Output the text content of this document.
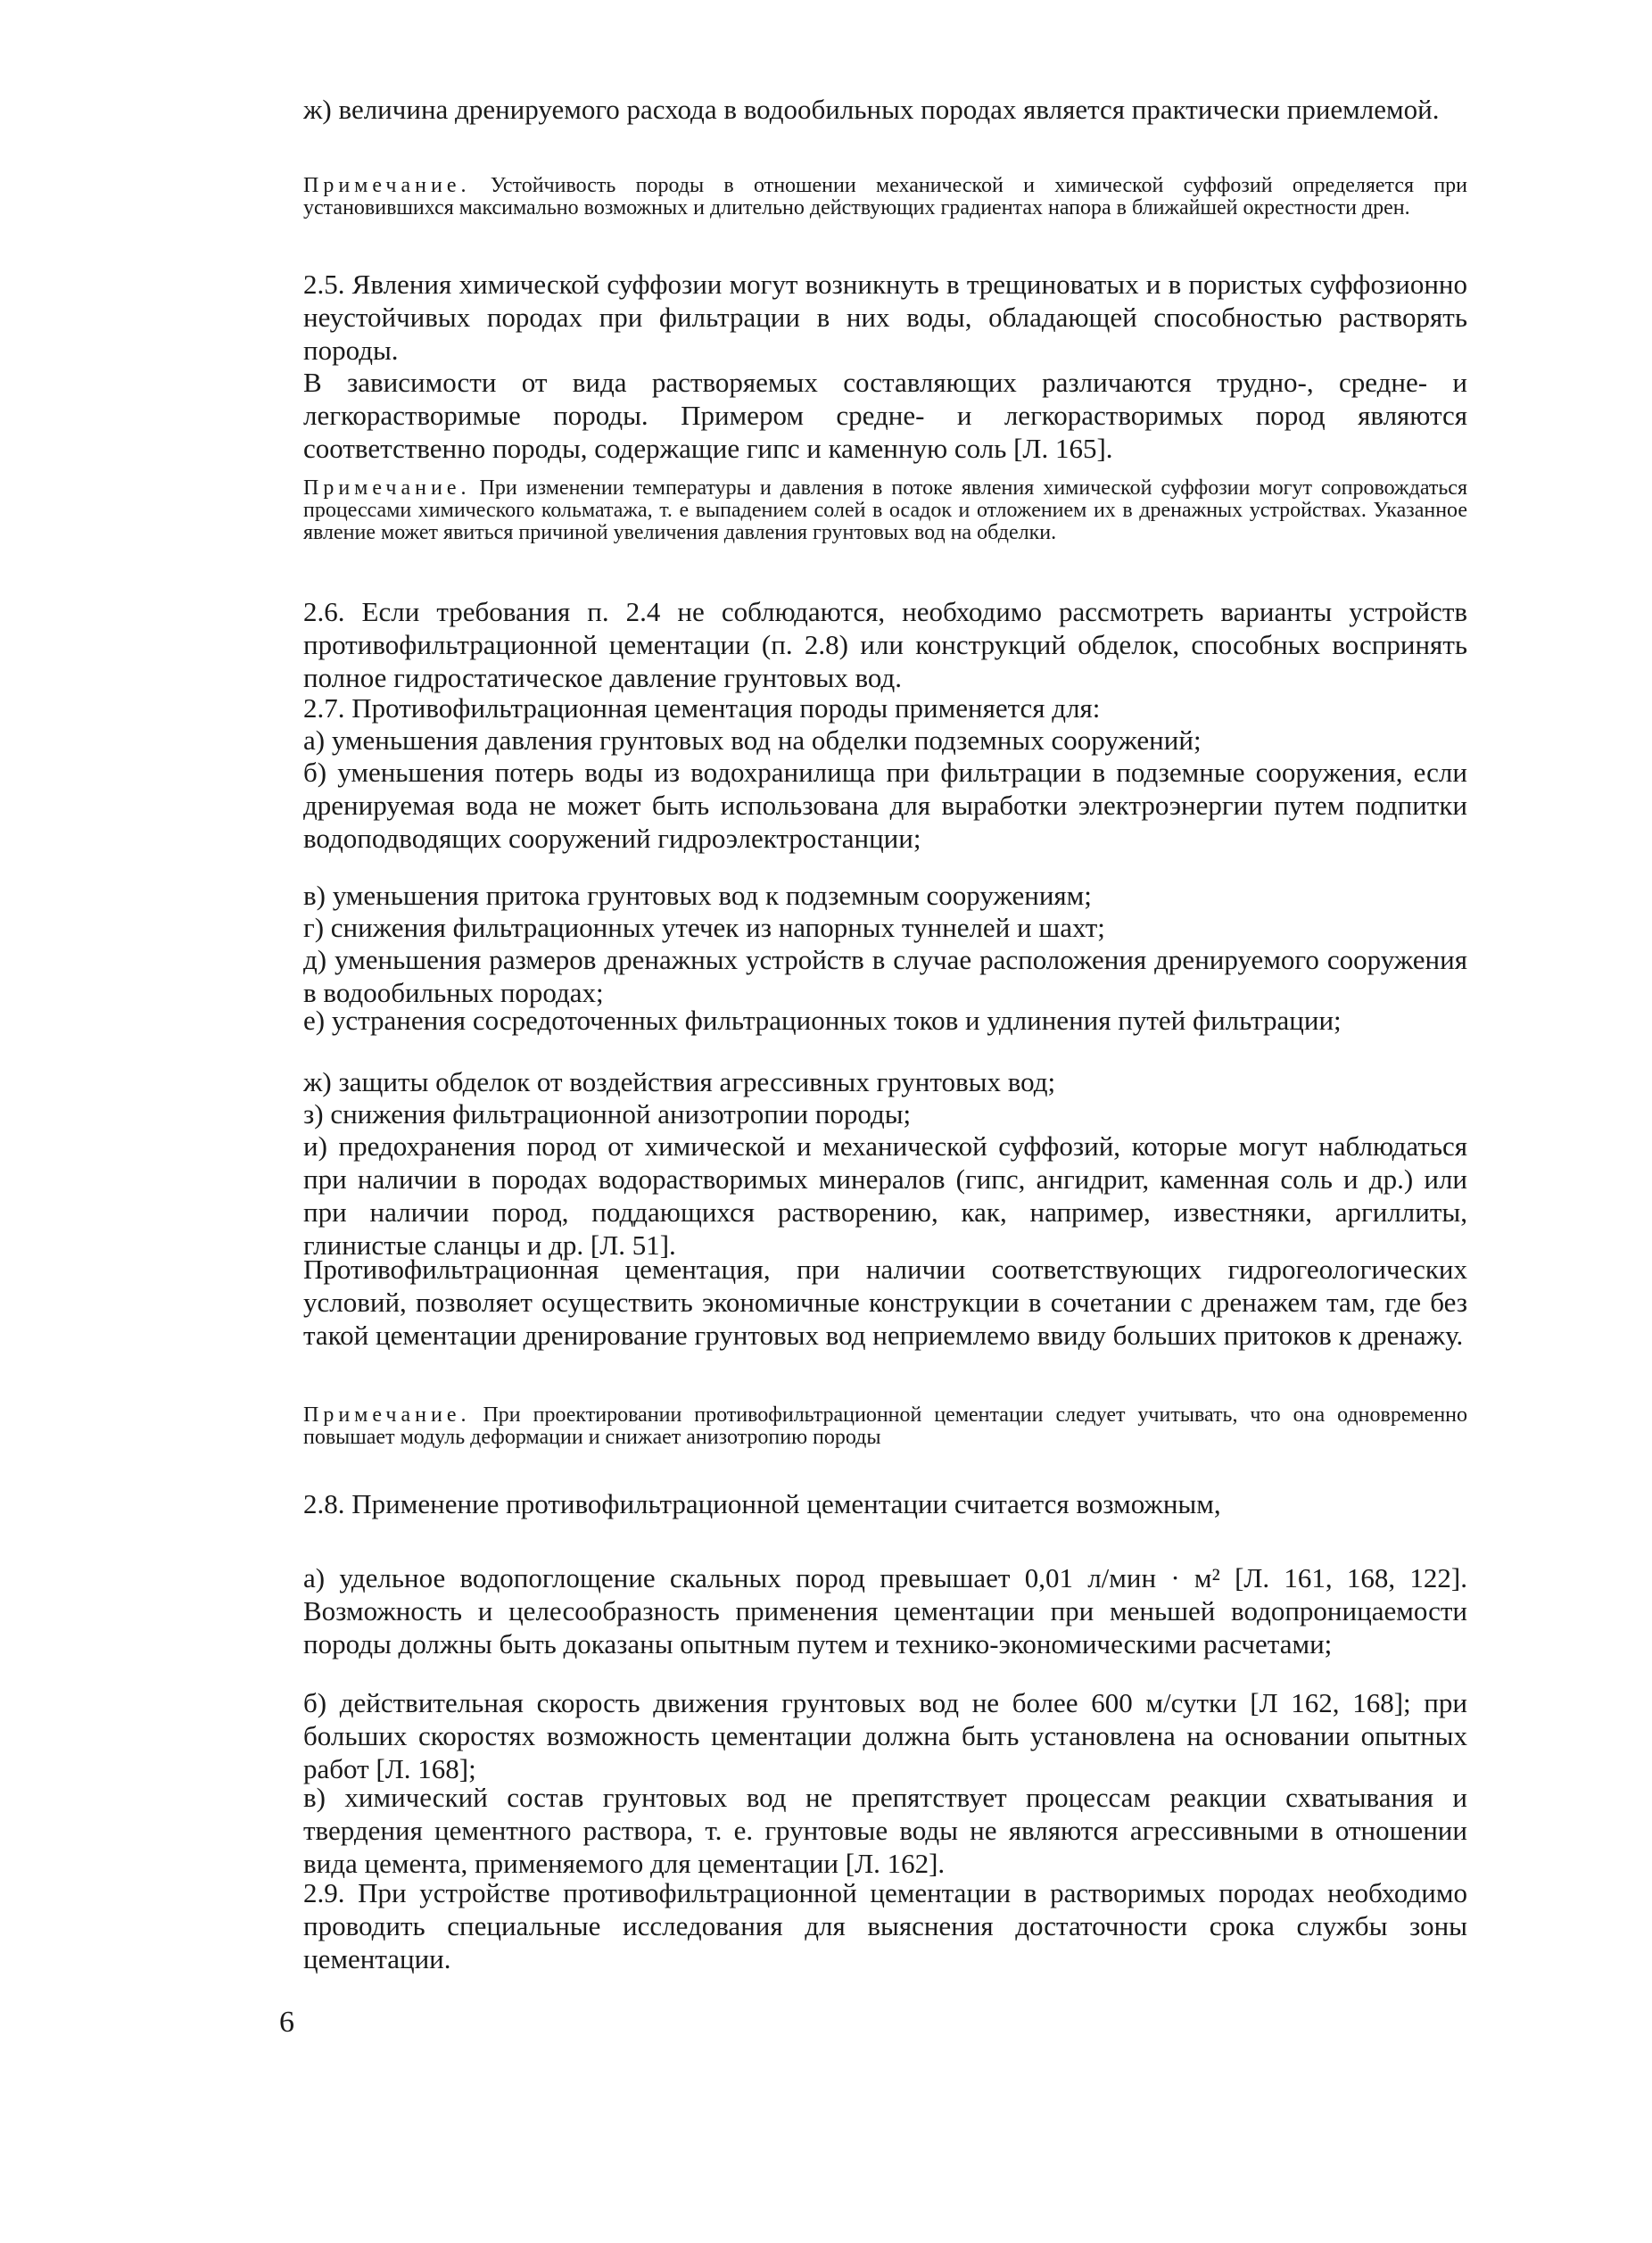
ж) величина дренируемого расхода в водообильных породах является практически приемлемой.

Примечание. Устойчивость породы в отношении механической и химической суффозий определяется при установившихся максимально возможных и длительно действующих градиентах напора в ближайшей окрестности дрен.

2.5. Явления химической суффозии могут возникнуть в трещиноватых и в пористых суффозионно неустойчивых породах при фильтрации в них воды, обладающей способностью растворять породы.

В зависимости от вида растворяемых составляющих различаются трудно-, средне- и легкорастворимые породы. Примером средне- и легкорастворимых пород являются соответственно породы, содержащие гипс и каменную соль [Л. 165].

Примечание. При изменении температуры и давления в потоке явления химической суффозии могут сопровождаться процессами химического кольматажа, т. е выпадением солей в осадок и отложением их в дренажных устройствах. Указанное явление может явиться причиной увеличения давления грунтовых вод на обделки.

2.6. Если требования п. 2.4 не соблюдаются, необходимо рассмотреть варианты устройств противофильтрационной цементации (п. 2.8) или конструкций обделок, способных воспринять полное гидростатическое давление грунтовых вод.

2.7. Противофильтрационная цементация породы применяется для:

а) уменьшения давления грунтовых вод на обделки подземных сооружений;

б) уменьшения потерь воды из водохранилища при фильтрации в подземные сооружения, если дренируемая вода не может быть использована для выработки электроэнергии путем подпитки водоподводящих сооружений гидроэлектростанции;

в) уменьшения притока грунтовых вод к подземным сооружениям;

г) снижения фильтрационных утечек из напорных туннелей и шахт;

д) уменьшения размеров дренажных устройств в случае расположения дренируемого сооружения в водообильных породах;

е) устранения сосредоточенных фильтрационных токов и удлинения путей фильтрации;

ж) защиты обделок от воздействия агрессивных грунтовых вод;

з) снижения фильтрационной анизотропии породы;

и) предохранения пород от химической и механической суффозий, которые могут наблюдаться при наличии в породах водорастворимых минералов (гипс, ангидрит, каменная соль и др.) или при наличии пород, поддающихся растворению, как, например, известняки, аргиллиты, глинистые сланцы и др. [Л. 51].

Противофильтрационная цементация, при наличии соответствующих гидрогеологических условий, позволяет осуществить экономичные конструкции в сочетании с дренажем там, где без такой цементации дренирование грунтовых вод неприемлемо ввиду больших притоков к дренажу.

Примечание. При проектировании противофильтрационной цементации следует учитывать, что она одновременно повышает модуль деформации и снижает анизотропию породы

2.8. Применение противофильтрационной цементации считается возможным,

а) удельное водопоглощение скальных пород превышает 0,01 л/мин · м² [Л. 161, 168, 122]. Возможность и целесообразность применения цементации при меньшей водопроницаемости породы должны быть доказаны опытным путем и технико-экономическими расчетами;

б) действительная скорость движения грунтовых вод не более 600 м/сутки [Л 162, 168]; при больших скоростях возможность цементации должна быть установлена на основании опытных работ [Л. 168];

в) химический состав грунтовых вод не препятствует процессам реакции схватывания и твердения цементного раствора, т. е. грунтовые воды не являются агрессивными в отношении вида цемента, применяемого для цементации [Л. 162].

2.9. При устройстве противофильтрационной цементации в растворимых породах необходимо проводить специальные исследования для выяснения достаточности срока службы зоны цементации.

6
